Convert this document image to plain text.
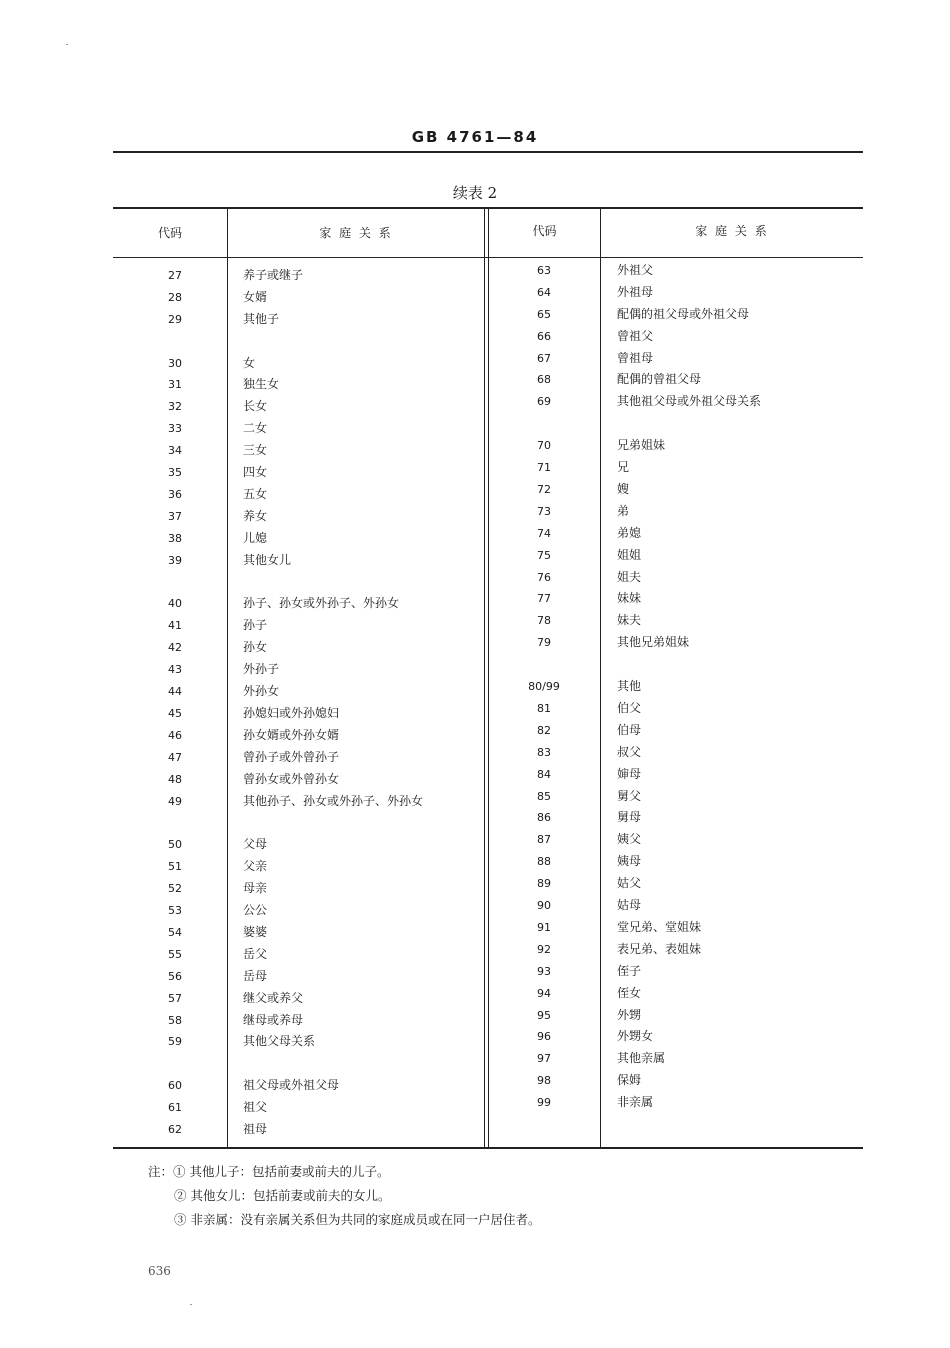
GB 4761—84
续表 2
代码	家 庭 关 系	代码	家 庭 关 系
27	养子或继子
28	女婿
29	其他子
30	女
31	独生女
32	长女
33	二女
34	三女
35	四女
36	五女
37	养女
38	儿媳
39	其他女儿
40	孙子、孙女或外孙子、外孙女
41	孙子
42	孙女
43	外孙子
44	外孙女
45	孙媳妇或外孙媳妇
46	孙女婿或外孙女婿
47	曾孙子或外曾孙子
48	曾孙女或外曾孙女
49	其他孙子、孙女或外孙子、外孙女
50	父母
51	父亲
52	母亲
53	公公
54	婆婆
55	岳父
56	岳母
57	继父或养父
58	继母或养母
59	其他父母关系
60	祖父母或外祖父母
61	祖父
62	祖母
63	外祖父
64	外祖母
65	配偶的祖父母或外祖父母
66	曾祖父
67	曾祖母
68	配偶的曾祖父母
69	其他祖父母或外祖父母关系
70	兄弟姐妹
71	兄
72	嫂
73	弟
74	弟媳
75	姐姐
76	姐夫
77	妹妹
78	妹夫
79	其他兄弟姐妹
80/99	其他
81	伯父
82	伯母
83	叔父
84	婶母
85	舅父
86	舅母
87	姨父
88	姨母
89	姑父
90	姑母
91	堂兄弟、堂姐妹
92	表兄弟、表姐妹
93	侄子
94	侄女
95	外甥
96	外甥女
97	其他亲属
98	保姆
99	非亲属
注：① 其他儿子：包括前妻或前夫的儿子。
② 其他女儿：包括前妻或前夫的女儿。
③ 非亲属：没有亲属关系但为共同的家庭成员或在同一户居住者。
636
